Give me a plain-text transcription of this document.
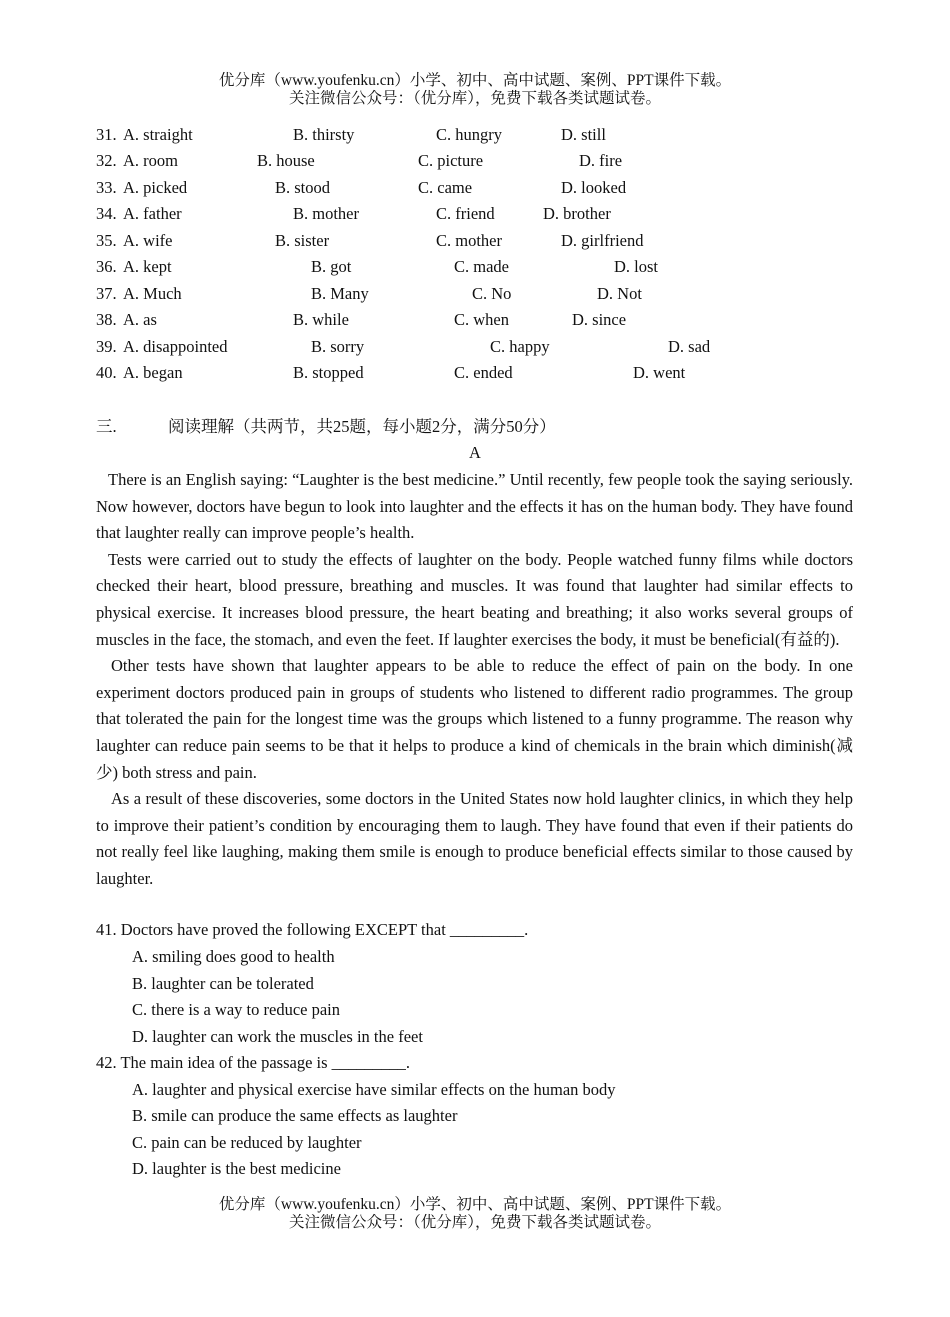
优分库（www.youfenku.cn）小学、初中、高中试题、案例、PPT课件下载。
关注微信公众号：（优分库），免费下载各类试题试卷。
31. A. straight	B. thirsty	C. hungry	D. still
32. A. room	B. house	C. picture	D. fire
33. A. picked	B. stood	C. came	D. looked
34. A. father	B. mother	C. friend	D. brother
35. A. wife	B. sister	C. mother	D. girlfriend
36. A. kept	B. got	C. made	D. lost
37. A. Much	B. Many	C. No	D. Not
38. A. as	B. while	C. when	D. since
39. A. disappointed	B. sorry	C. happy	D. sad
40. A. began	B. stopped	C. ended	D. went
三.	阅读理解（共两节，共25题，每小题2分，满分50分）
A

There is an English saying: “Laughter is the best medicine.” Until recently, few people took the saying seriously. Now however, doctors have begun to look into laughter and the effects it has on the human body. They have found that laughter really can improve people’s health.

Tests were carried out to study the effects of laughter on the body. People watched funny films while doctors checked their heart, blood pressure, breathing and muscles. It was found that laughter had similar effects to physical exercise. It increases blood pressure, the heart beating and breathing; it also works several groups of muscles in the face, the stomach, and even the feet. If laughter exercises the body, it must be beneficial(有益的).

Other tests have shown that laughter appears to be able to reduce the effect of pain on the body. In one experiment doctors produced pain in groups of students who listened to different radio programmes. The group that tolerated the pain for the longest time was the groups which listened to a funny programme. The reason why laughter can reduce pain seems to be that it helps to produce a kind of chemicals in the brain which diminish(减少) both stress and pain.

As a result of these discoveries, some doctors in the United States now hold laughter clinics, in which they help to improve their patient’s condition by encouraging them to laugh. They have found that even if their patients do not really feel like laughing, making them smile is enough to produce beneficial effects similar to those caused by laughter.

41. Doctors have proved the following EXCEPT that _________.
A. smiling does good to health
B. laughter can be tolerated
C. there is a way to reduce pain
D. laughter can work the muscles in the feet
42. The main idea of the passage is _________.
A. laughter and physical exercise have similar effects on the human body
B. smile can produce the same effects as laughter
C. pain can be reduced by laughter
D. laughter is the best medicine
优分库（www.youfenku.cn）小学、初中、高中试题、案例、PPT课件下载。
关注微信公众号：（优分库），免费下载各类试题试卷。
